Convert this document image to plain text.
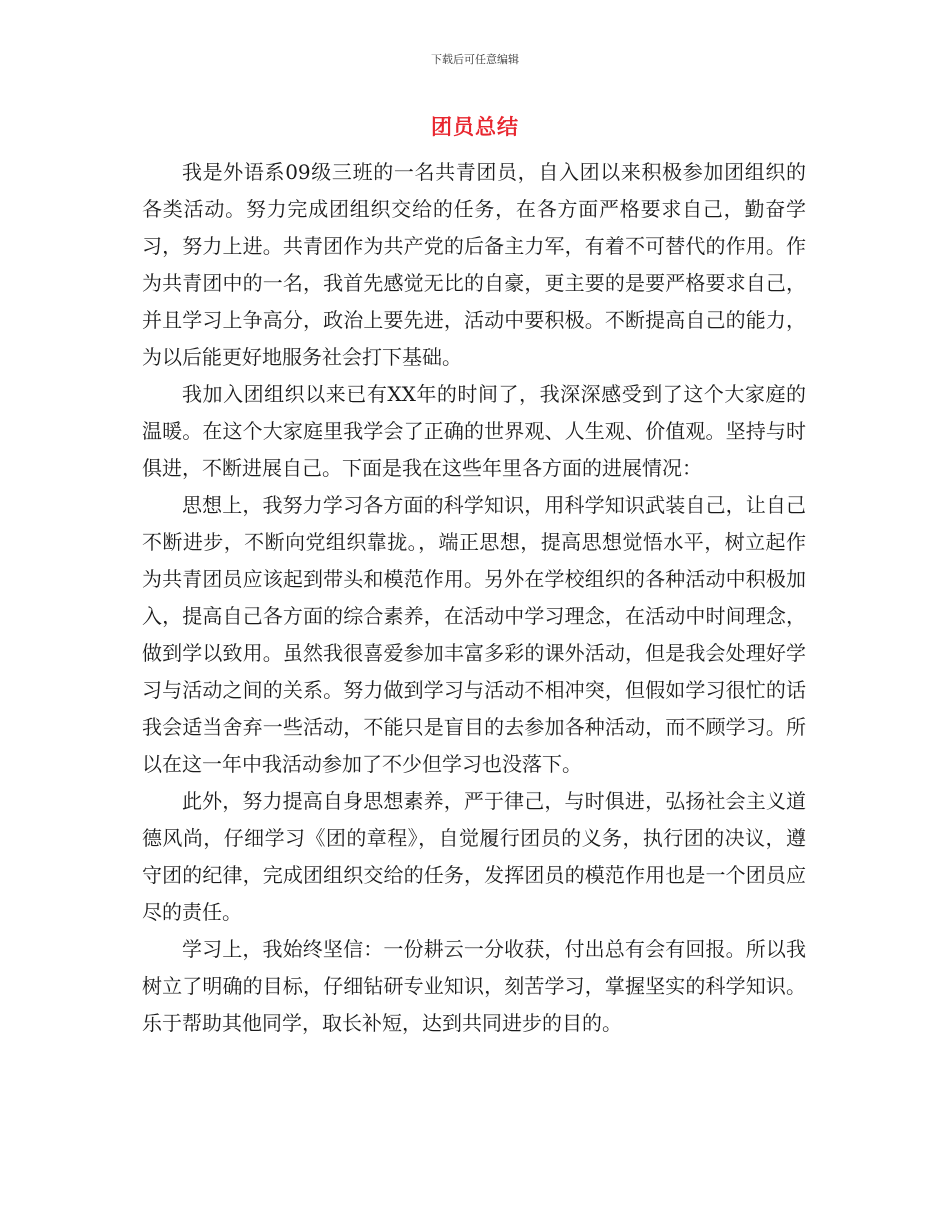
下载后可任意编辑
团员总结

我是外语系09级三班的一名共青团员，自入团以来积极参加团组织的各类活动。努力完成团组织交给的任务，在各方面严格要求自己，勤奋学习，努力上进。共青团作为共产党的后备主力军，有着不可替代的作用。作为共青团中的一名，我首先感觉无比的自豪，更主要的是要严格要求自己，并且学习上争高分，政治上要先进，活动中要积极。不断提高自己的能力，为以后能更好地服务社会打下基础。

我加入团组织以来已有XX年的时间了，我深深感受到了这个大家庭的温暖。在这个大家庭里我学会了正确的世界观、人生观、价值观。坚持与时俱进，不断进展自己。下面是我在这些年里各方面的进展情况：

思想上，我努力学习各方面的科学知识，用科学知识武装自己，让自己不断进步，不断向党组织靠拢。，端正思想，提高思想觉悟水平，树立起作为共青团员应该起到带头和模范作用。另外在学校组织的各种活动中积极加入，提高自己各方面的综合素养，在活动中学习理念，在活动中时间理念，做到学以致用。虽然我很喜爱参加丰富多彩的课外活动，但是我会处理好学习与活动之间的关系。努力做到学习与活动不相冲突，但假如学习很忙的话我会适当舍弃一些活动，不能只是盲目的去参加各种活动，而不顾学习。所以在这一年中我活动参加了不少但学习也没落下。

此外，努力提高自身思想素养，严于律己，与时俱进，弘扬社会主义道德风尚，仔细学习《团的章程》，自觉履行团员的义务，执行团的决议，遵守团的纪律，完成团组织交给的任务，发挥团员的模范作用也是一个团员应尽的责任。

学习上，我始终坚信：一份耕云一分收获，付出总有会有回报。所以我树立了明确的目标，仔细钻研专业知识，刻苦学习，掌握坚实的科学知识。乐于帮助其他同学，取长补短，达到共同进步的目的。
